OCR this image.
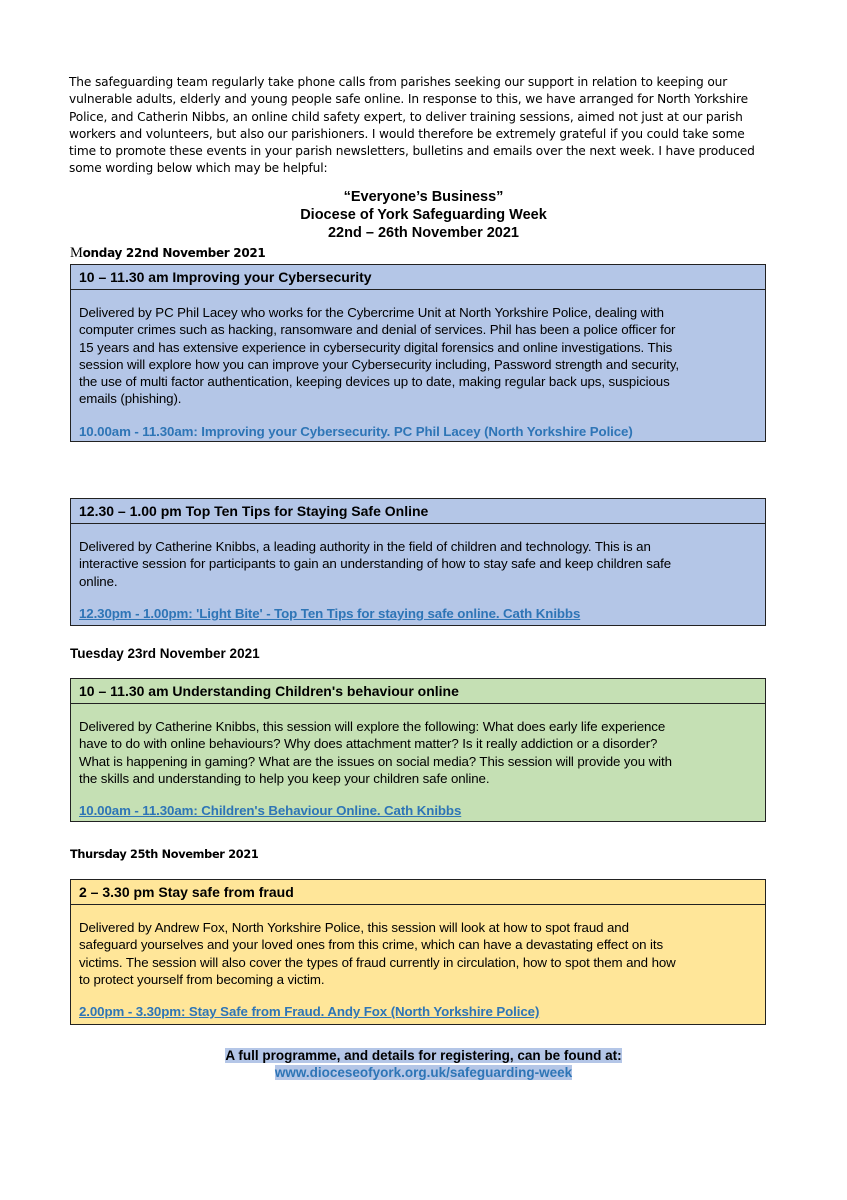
The safeguarding team regularly take phone calls from parishes seeking our support in relation to keeping our
vulnerable adults, elderly and young people safe online. In response to this, we have arranged for North Yorkshire
Police, and Catherin Nibbs, an online child safety expert, to deliver training sessions, aimed not just at our parish
workers and volunteers, but also our parishioners. I would therefore be extremely grateful if you could take some
time to promote these events in your parish newsletters, bulletins and emails over the next week. I have produced
some wording below which may be helpful:
“Everyone’s Business”
Diocese of York Safeguarding Week
22nd – 26th November 2021
Monday 22nd November 2021
10 – 11.30 am Improving your Cybersecurity

Delivered by PC Phil Lacey who works for the Cybercrime Unit at North Yorkshire Police, dealing with
computer crimes such as hacking, ransomware and denial of services. Phil has been a police officer for
15 years and has extensive experience in cybersecurity digital forensics and online investigations. This
session will explore how you can improve your Cybersecurity including, Password strength and security,
the use of multi factor authentication, keeping devices up to date, making regular back ups, suspicious
emails (phishing).

10.00am - 11.30am: Improving your Cybersecurity. PC Phil Lacey (North Yorkshire Police)
12.30 – 1.00 pm Top Ten Tips for Staying Safe Online

Delivered by Catherine Knibbs, a leading authority in the field of children and technology. This is an
interactive session for participants to gain an understanding of how to stay safe and keep children safe
online.

12.30pm - 1.00pm: 'Light Bite' - Top Ten Tips for staying safe online. Cath Knibbs
Tuesday 23rd November 2021
10 – 11.30 am Understanding Children's behaviour online

Delivered by Catherine Knibbs, this session will explore the following: What does early life experience
have to do with online behaviours? Why does attachment matter? Is it really addiction or a disorder?
What is happening in gaming? What are the issues on social media? This session will provide you with
the skills and understanding to help you keep your children safe online.

10.00am - 11.30am: Children's Behaviour Online. Cath Knibbs
Thursday 25th November 2021
2 – 3.30 pm Stay safe from fraud

Delivered by Andrew Fox, North Yorkshire Police, this session will look at how to spot fraud and
safeguard yourselves and your loved ones from this crime, which can have a devastating effect on its
victims. The session will also cover the types of fraud currently in circulation, how to spot them and how
to protect yourself from becoming a victim.

2.00pm - 3.30pm: Stay Safe from Fraud. Andy Fox (North Yorkshire Police)
A full programme, and details for registering, can be found at:
www.dioceseofyork.org.uk/safeguarding-week
